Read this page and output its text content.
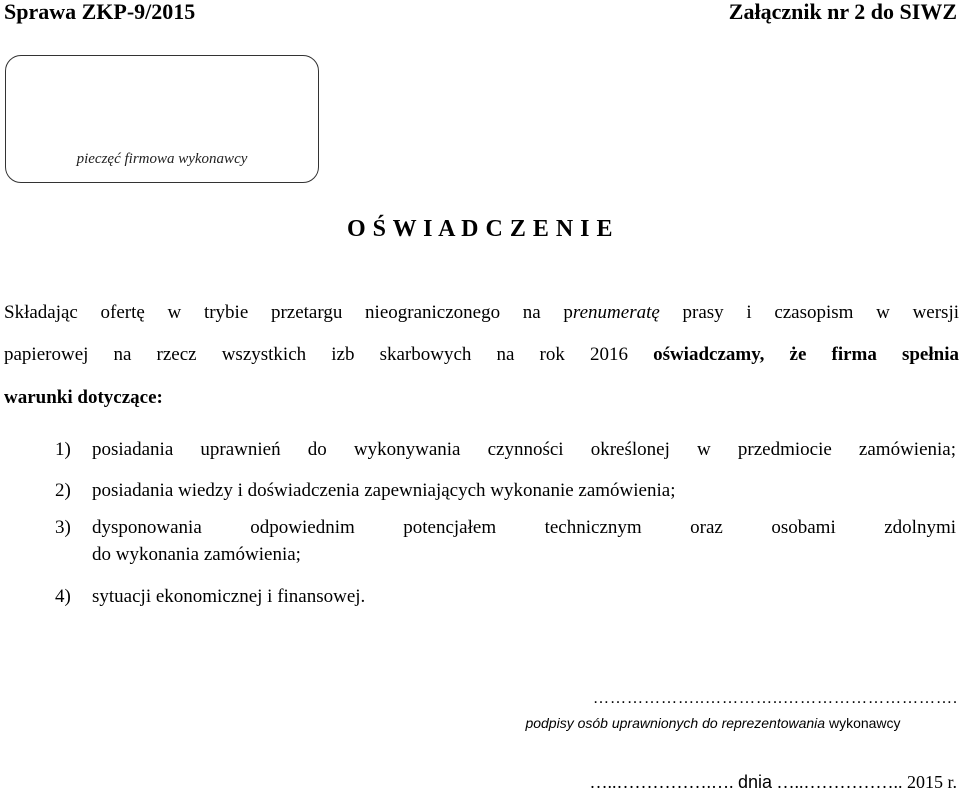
Sprawa ZKP-9/2015	Załącznik nr 2 do SIWZ
pieczęć firmowa wykonawcy
O Ś W I A D C Z E N I E
Składając ofertę w trybie przetargu nieograniczonego na prenumeratę prasy i czasopism w wersji
papierowej na rzecz wszystkich izb skarbowych na rok 2016 oświadczamy, że firma spełnia
warunki dotyczące:
1) posiadania uprawnień do wykonywania czynności określonej w przedmiocie zamówienia;
2) posiadania wiedzy i doświadczenia zapewniających wykonanie zamówienia;
3) dysponowania odpowiednim potencjałem technicznym oraz osobami zdolnymi
do wykonania zamówienia;
4) sytuacji ekonomicznej i finansowej.
………………..…………..………………………….
podpisy osób uprawnionych do reprezentowania wykonawcy
…..…………….…. dnia …..…………….. 2015 r.
